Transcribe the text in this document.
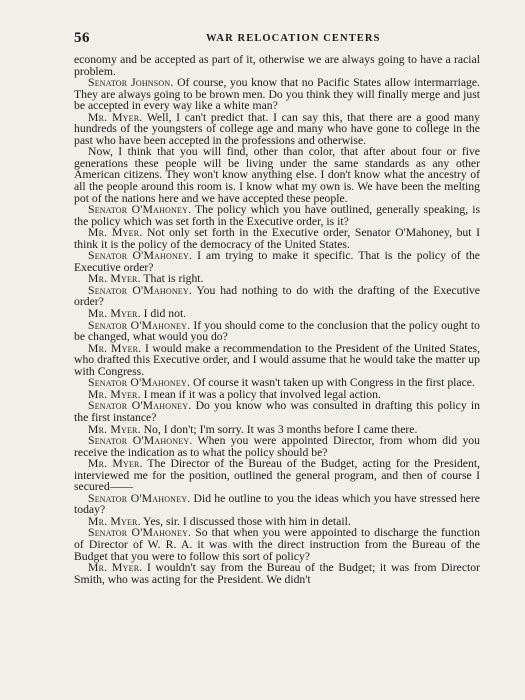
56	WAR RELOCATION CENTERS

economy and be accepted as part of it, otherwise we are always going to have a racial problem.

Senator Johnson. Of course, you know that no Pacific States allow intermarriage. They are always going to be brown men. Do you think they will finally merge and just be accepted in every way like a white man?

Mr. Myer. Well, I can't predict that. I can say this, that there are a good many hundreds of the youngsters of college age and many who have gone to college in the past who have been accepted in the professions and otherwise.

Now, I think that you will find, other than color, that after about four or five generations these people will be living under the same standards as any other American citizens. They won't know anything else. I don't know what the ancestry of all the people around this room is. I know what my own is. We have been the melting pot of the nations here and we have accepted these people.

Senator O'Mahoney. The policy which you have outlined, generally speaking, is the policy which was set forth in the Executive order, is it?

Mr. Myer. Not only set forth in the Executive order, Senator O'Mahoney, but I think it is the policy of the democracy of the United States.

Senator O'Mahoney. I am trying to make it specific. That is the policy of the Executive order?

Mr. Myer. That is right.

Senator O'Mahoney. You had nothing to do with the drafting of the Executive order?

Mr. Myer. I did not.

Senator O'Mahoney. If you should come to the conclusion that the policy ought to be changed, what would you do?

Mr. Myer. I would make a recommendation to the President of the United States, who drafted this Executive order, and I would assume that he would take the matter up with Congress.

Senator O'Mahoney. Of course it wasn't taken up with Congress in the first place.

Mr. Myer. I mean if it was a policy that involved legal action.

Senator O'Mahoney. Do you know who was consulted in drafting this policy in the first instance?

Mr. Myer. No, I don't; I'm sorry. It was 3 months before I came there.

Senator O'Mahoney. When you were appointed Director, from whom did you receive the indication as to what the policy should be?

Mr. Myer. The Director of the Bureau of the Budget, acting for the President, interviewed me for the position, outlined the general program, and then of course I secured——

Senator O'Mahoney. Did he outline to you the ideas which you have stressed here today?

Mr. Myer. Yes, sir. I discussed those with him in detail.

Senator O'Mahoney. So that when you were appointed to discharge the function of Director of W. R. A. it was with the direct instruction from the Bureau of the Budget that you were to follow this sort of policy?

Mr. Myer. I wouldn't say from the Bureau of the Budget; it was from Director Smith, who was acting for the President. We didn't
